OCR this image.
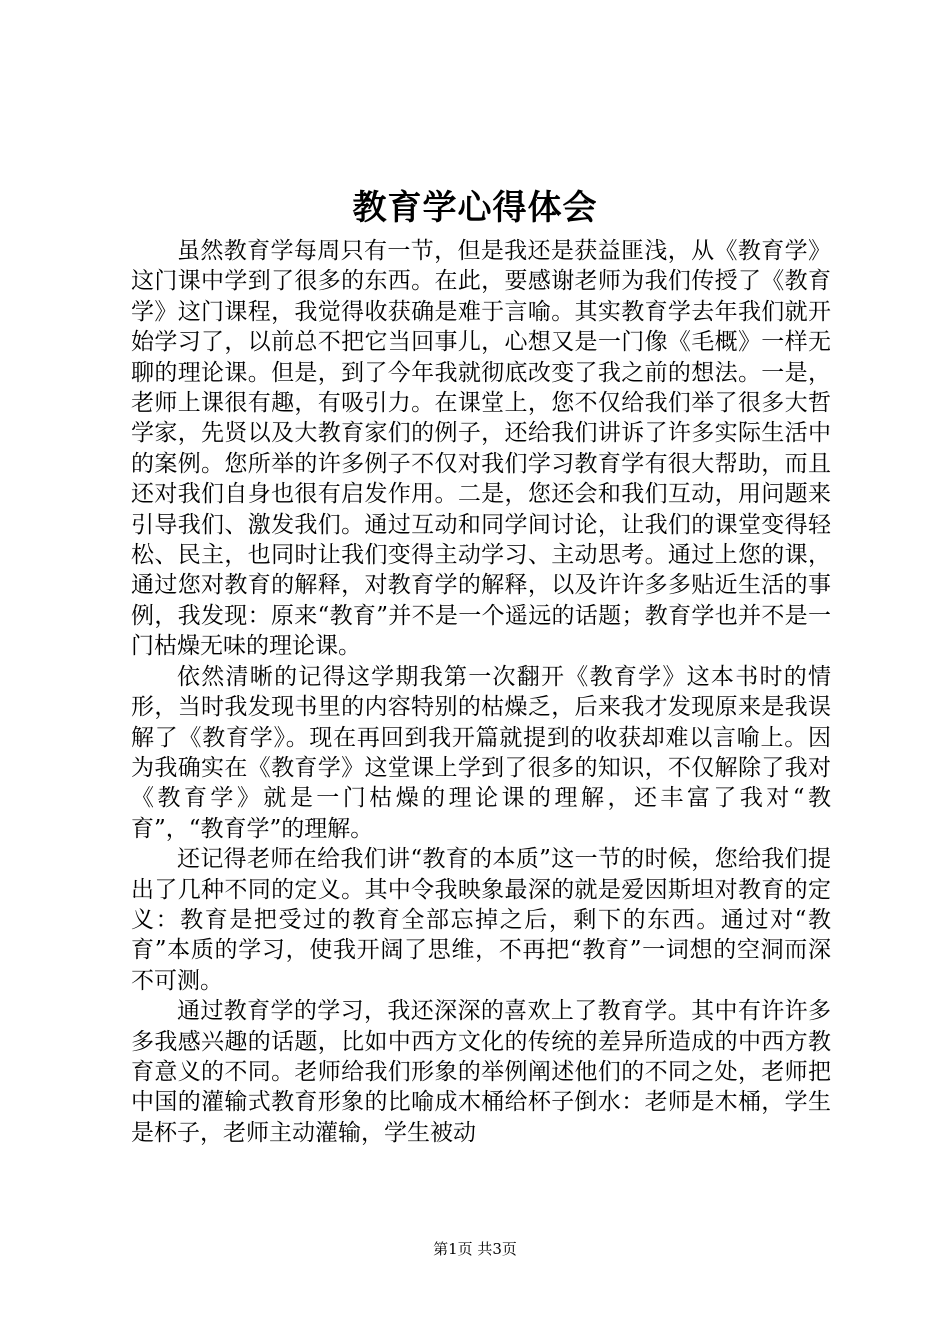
教育学心得体会

虽然教育学每周只有一节，但是我还是获益匪浅，从《教育学》这门课中学到了很多的东西。在此，要感谢老师为我们传授了《教育学》这门课程，我觉得收获确是难于言喻。其实教育学去年我们就开始学习了，以前总不把它当回事儿，心想又是一门像《毛概》一样无聊的理论课。但是，到了今年我就彻底改变了我之前的想法。一是，老师上课很有趣，有吸引力。在课堂上，您不仅给我们举了很多大哲学家，先贤以及大教育家们的例子，还给我们讲诉了许多实际生活中的案例。您所举的许多例子不仅对我们学习教育学有很大帮助，而且还对我们自身也很有启发作用。二是，您还会和我们互动，用问题来引导我们、激发我们。通过互动和同学间讨论，让我们的课堂变得轻松、民主，也同时让我们变得主动学习、主动思考。通过上您的课，通过您对教育的解释，对教育学的解释，以及许许多多贴近生活的事例，我发现：原来“教育”并不是一个遥远的话题；教育学也并不是一门枯燥无味的理论课。

依然清晰的记得这学期我第一次翻开《教育学》这本书时的情形，当时我发现书里的内容特别的枯燥乏，后来我才发现原来是我误解了《教育学》。现在再回到我开篇就提到的收获却难以言喻上。因为我确实在《教育学》这堂课上学到了很多的知识，不仅解除了我对《教育学》就是一门枯燥的理论课的理解，还丰富了我对“教育”，“教育学”的理解。

还记得老师在给我们讲“教育的本质”这一节的时候，您给我们提出了几种不同的定义。其中令我映象最深的就是爱因斯坦对教育的定义：教育是把受过的教育全部忘掉之后，剩下的东西。通过对“教育”本质的学习，使我开阔了思维，不再把“教育”一词想的空洞而深不可测。

通过教育学的学习，我还深深的喜欢上了教育学。其中有许许多多我感兴趣的话题，比如中西方文化的传统的差异所造成的中西方教育意义的不同。老师给我们形象的举例阐述他们的不同之处，老师把中国的灌输式教育形象的比喻成木桶给杯子倒水：老师是木桶，学生是杯子，老师主动灌输，学生被动

第1页 共3页
